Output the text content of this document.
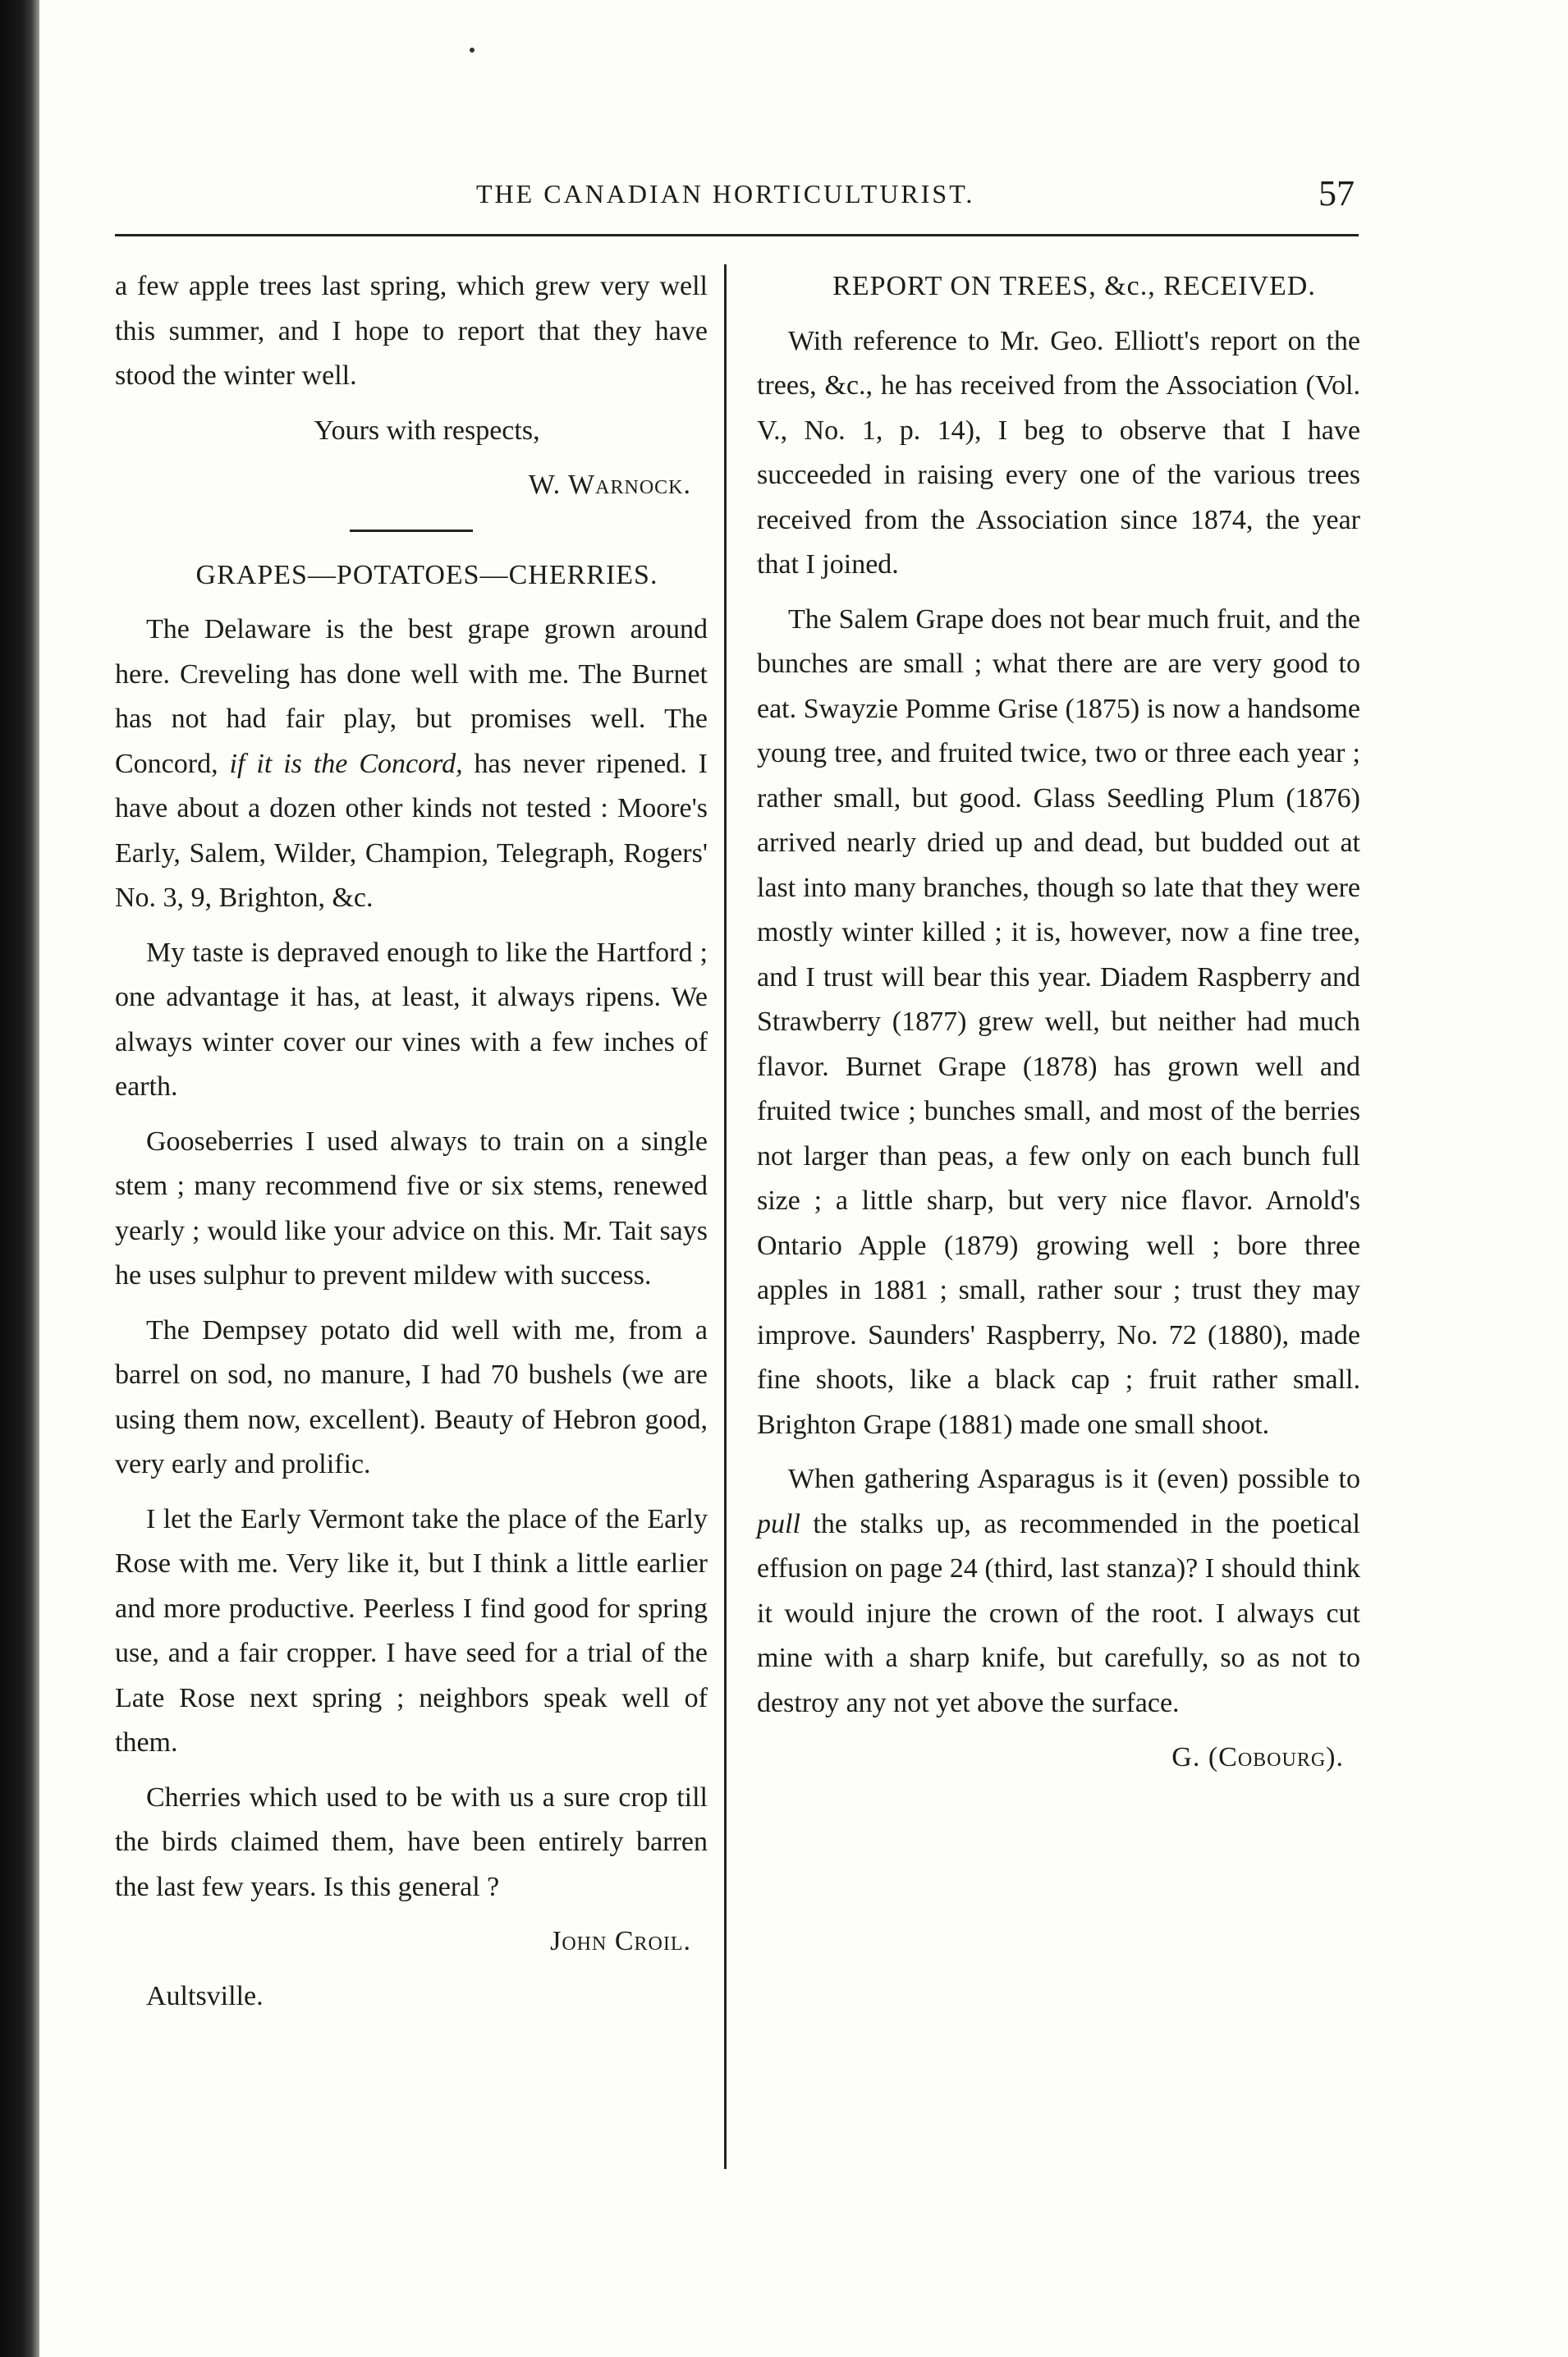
THE CANADIAN HORTICULTURIST.	57

a few apple trees last spring, which grew very well this summer, and I hope to report that they have stood the winter well.

Yours with respects,

W. Warnock.

GRAPES—POTATOES—CHERRIES.

The Delaware is the best grape grown around here. Creveling has done well with me. The Burnet has not had fair play, but promises well. The Concord, if it is the Concord, has never ripened. I have about a dozen other kinds not tested : Moore's Early, Salem, Wilder, Champion, Telegraph, Rogers' No. 3, 9, Brighton, &c.

My taste is depraved enough to like the Hartford ; one advantage it has, at least, it always ripens. We always winter cover our vines with a few inches of earth.

Gooseberries I used always to train on a single stem ; many recommend five or six stems, renewed yearly ; would like your advice on this. Mr. Tait says he uses sulphur to prevent mildew with success.

The Dempsey potato did well with me, from a barrel on sod, no manure, I had 70 bushels (we are using them now, excellent). Beauty of Hebron good, very early and prolific.

I let the Early Vermont take the place of the Early Rose with me. Very like it, but I think a little earlier and more productive. Peerless I find good for spring use, and a fair cropper. I have seed for a trial of the Late Rose next spring ; neighbors speak well of them.

Cherries which used to be with us a sure crop till the birds claimed them, have been entirely barren the last few years. Is this general ?

John Croil.

Aultsville.

REPORT ON TREES, &c., RECEIVED.

With reference to Mr. Geo. Elliott's report on the trees, &c., he has received from the Association (Vol. V., No. 1, p. 14), I beg to observe that I have succeeded in raising every one of the various trees received from the Association since 1874, the year that I joined.

The Salem Grape does not bear much fruit, and the bunches are small ; what there are are very good to eat. Swayzie Pomme Grise (1875) is now a handsome young tree, and fruited twice, two or three each year ; rather small, but good. Glass Seedling Plum (1876) arrived nearly dried up and dead, but budded out at last into many branches, though so late that they were mostly winter killed ; it is, however, now a fine tree, and I trust will bear this year. Diadem Raspberry and Strawberry (1877) grew well, but neither had much flavor. Burnet Grape (1878) has grown well and fruited twice ; bunches small, and most of the berries not larger than peas, a few only on each bunch full size ; a little sharp, but very nice flavor. Arnold's Ontario Apple (1879) growing well ; bore three apples in 1881 ; small, rather sour ; trust they may improve. Saunders' Raspberry, No. 72 (1880), made fine shoots, like a black cap ; fruit rather small. Brighton Grape (1881) made one small shoot.

When gathering Asparagus is it (even) possible to pull the stalks up, as recommended in the poetical effusion on page 24 (third, last stanza)? I should think it would injure the crown of the root. I always cut mine with a sharp knife, but carefully, so as not to destroy any not yet above the surface.

G. (Cobourg).
